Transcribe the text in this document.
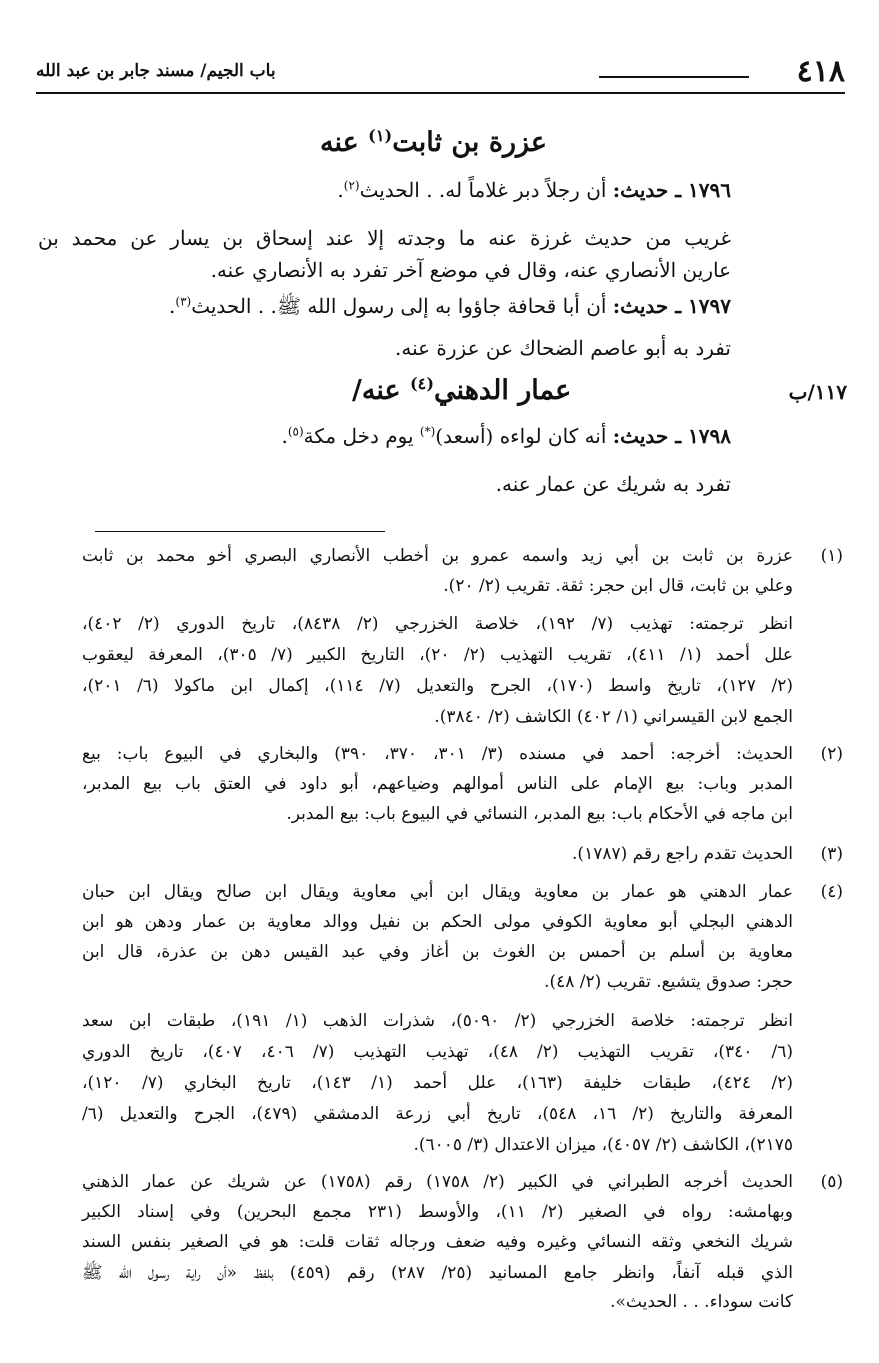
٤١٨
باب الجيم/ مسند جابر بن عبد الله
عزرة بن ثابت$^{(١)}$ عنه
١٧٩٦ ـ حديث: أن رجلاً دبر غلاماً له. . الحديث$^{(٢)}$.
غريب من حديث غرزة عنه ما وجدته إلا عند إسحاق بن يسار عن محمد بن
عارين الأنصاري عنه، وقال في موضع آخر تفرد به الأنصاري عنه.
١٧٩٧ ـ حديث: أن أبا قحافة جاؤوا به إلى رسول الله ﷺ. . الحديث$^{(٣)}$.
تفرد به أبو عاصم الضحاك عن عزرة عنه.
١٧٩٨ ـ حديث: أنه كان لواءه (أسعد)(*) يوم دخل مكة$^{(٥)}$.
تفرد به شريك عن عمار عنه.
عمار الدهني$^{(٤)}$ عنه/	١١٧/ب
(١)
عزرة بن ثابت بن أبي زيد واسمه عمرو بن أخطب الأنصاري البصري أخو محمد بن ثابت
وعلي بن ثابت، قال ابن حجر: ثقة. تقريب (٢/ ٢٠).
انظر ترجمته: تهذيب (٧/ ١٩٢)، خلاصة الخزرجي (٢/ ٨٤٣٨)، تاريخ الدوري (٢/ ٤٠٢)،
علل أحمد (١/ ٤١١)، تقريب التهذيب (٢/ ٢٠)، التاريخ الكبير (٧/ ٣٠٥)، المعرفة ليعقوب
(٢/ ١٢٧)، تاريخ واسط (١٧٠)، الجرح والتعديل (٧/ ١١٤)، إكمال ابن ماكولا (٦/ ٢٠١)،
الجمع لابن القيسراني (١/ ٤٠٢) الكاشف (٢/ ٣٨٤٠).
(٢)
الحديث: أخرجه: أحمد في مسنده (٣/ ٣٠١، ٣٧٠، ٣٩٠) والبخاري في البيوع باب: بيع
المدبر وباب: بيع الإمام على الناس أموالهم وضياعهم، أبو داود في العتق باب بيع المدبر،
ابن ماجه في الأحكام باب: بيع المدبر، النسائي في البيوع باب: بيع المدبر.
(٣)
الحديث تقدم راجع رقم (١٧٨٧).
(٤)
عمار الدهني هو عمار بن معاوية ويقال ابن أبي معاوية ويقال ابن صالح ويقال ابن حبان
الدهني البجلي أبو معاوية الكوفي مولى الحكم بن نفيل ووالد معاوية بن عمار ودهن هو ابن
معاوية بن أسلم بن أحمس بن الغوث بن أغاز وفي عبد القيس دهن بن عذرة، قال ابن
حجر: صدوق يتشيع. تقريب (٢/ ٤٨).
انظر ترجمته: خلاصة الخزرجي (٢/ ٥٠٩٠)، شذرات الذهب (١/ ١٩١)، طبقات ابن سعد
(٦/ ٣٤٠)، تقريب التهذيب (٢/ ٤٨)، تهذيب التهذيب (٧/ ٤٠٦، ٤٠٧)، تاريخ الدوري
(٢/ ٤٢٤)، طبقات خليفة (١٦٣)، علل أحمد (١/ ١٤٣)، تاريخ البخاري (٧/ ١٢٠)،
المعرفة والتاريخ (٢/ ١٦، ٥٤٨)، تاريخ أبي زرعة الدمشقي (٤٧٩)، الجرح والتعديل (٦/
٢١٧٥)، الكاشف (٢/ ٤٠٥٧)، ميزان الاعتدال (٣/ ٦٠٠٥).
(٥)
الحديث أخرجه الطبراني في الكبير (٢/ ١٧٥٨) رقم (١٧٥٨) عن شريك عن عمار الذهني
وبهامشه: رواه في الصغير (٢/ ١١)، والأوسط (٢٣١ مجمع البحرين) وفي إسناد الكبير
شريك النخعي وثقه النسائي وغيره وفيه ضعف ورجاله ثقات قلت: هو في الصغير بنفس السند
الذي قبله آنفاً، وانظر جامع المسانيد (٢٥/ ٢٨٧) رقم (٤٥٩) بلفظ «أن راية رسول الله ﷺ
كانت سوداء. . . الحديث».
